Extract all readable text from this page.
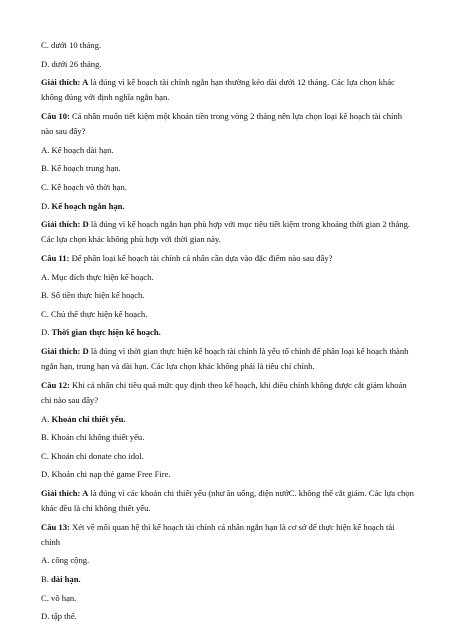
C. dưới 10 tháng.

D. dưới 26 tháng.

Giải thích: A là đúng vì kế hoạch tài chính ngắn hạn thường kéo dài dưới 12 tháng. Các lựa chọn khác không đúng với định nghĩa ngắn hạn.

Câu 10: Cá nhân muốn tiết kiệm một khoản tiền trong vòng 2 tháng nên lựa chọn loại kế hoạch tài chính nào sau đây?

A. Kế hoạch dài hạn.

B. Kế hoạch trung hạn.

C. Kế hoạch vô thời hạn.

D. Kế hoạch ngắn hạn.

Giải thích: D là đúng vì kế hoạch ngắn hạn phù hợp với mục tiêu tiết kiệm trong khoảng thời gian 2 tháng. Các lựa chọn khác không phù hợp với thời gian này.

Câu 11: Để phân loại kế hoạch tài chính cá nhân cần dựa vào đặc điểm nào sau đây?

A. Mục đích thực hiện kế hoạch.

B. Số tiền thực hiện kế hoạch.

C. Chủ thể thực hiện kế hoạch.

D. Thời gian thực hiện kế hoạch.

Giải thích: D là đúng vì thời gian thực hiện kế hoạch tài chính là yếu tố chính để phân loại kế hoạch thành ngắn hạn, trung hạn và dài hạn. Các lựa chọn khác không phải là tiêu chí chính.

Câu 12: Khi cá nhân chi tiêu quá mức quy định theo kế hoạch, khi điều chỉnh không được cắt giảm khoản chi nào sau đây?

A. Khoản chi thiết yếu.

B. Khoản chi không thiết yếu.

C. Khoản chi donate cho idol.

D. Khoản chi nạp thẻ game Free Fire.

Giải thích: A là đúng vì các khoản chi thiết yếu (như ăn uống, điện nướC. không thể cắt giảm. Các lựa chọn khác đều là chi không thiết yếu.

Câu 13: Xét về mối quan hệ thì kế hoạch tài chính cá nhân ngắn hạn là cơ sở để thực hiện kế hoạch tài chính

A. công cộng.

B. dài hạn.

C. vô hạn.

D. tập thể.
